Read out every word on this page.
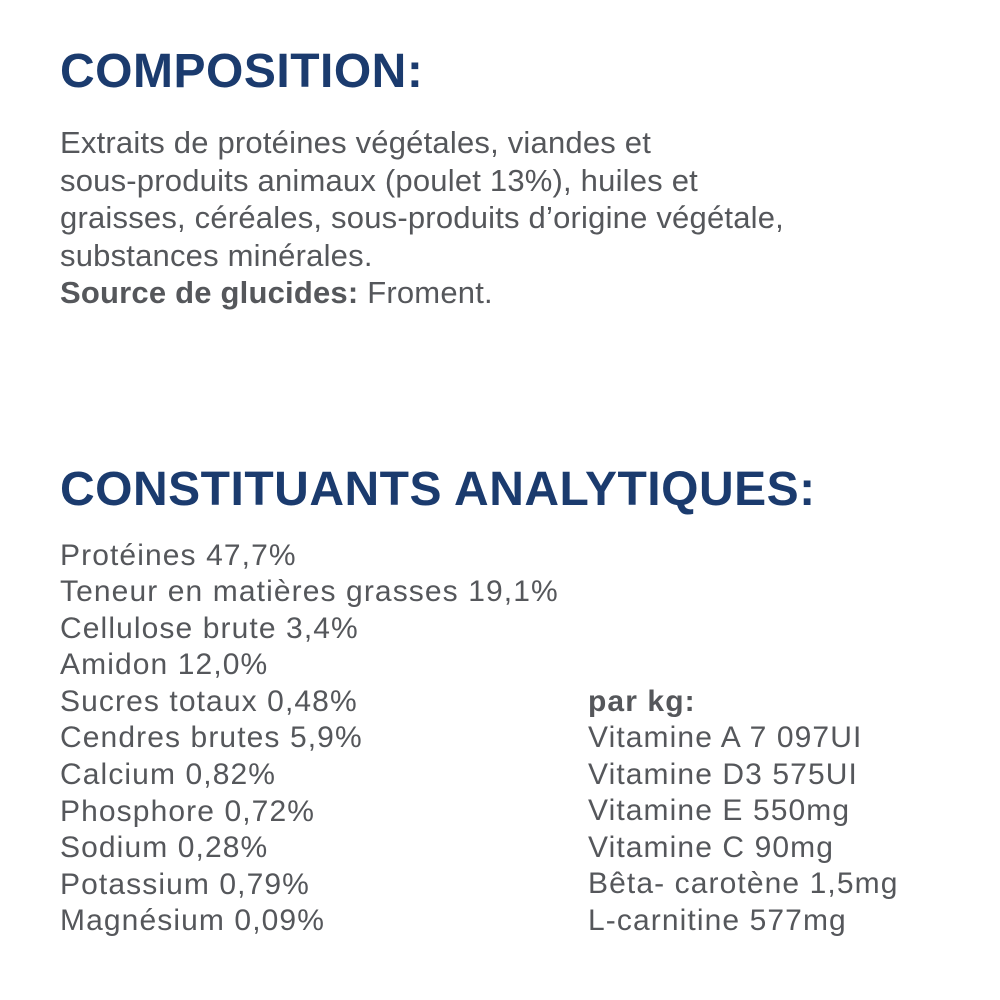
COMPOSITION:
Extraits de protéines végétales, viandes et
sous-produits animaux (poulet 13%), huiles et
graisses, céréales, sous-produits d’origine végétale,
substances minérales.
Source de glucides: Froment.
CONSTITUANTS ANALYTIQUES:
Protéines 47,7%
Teneur en matières grasses 19,1%
Cellulose brute 3,4%
Amidon 12,0%
Sucres totaux 0,48%
Cendres brutes 5,9%
Calcium 0,82%
Phosphore 0,72%
Sodium 0,28%
Potassium 0,79%
Magnésium 0,09%
par kg:
Vitamine A 7 097UI
Vitamine D3 575UI
Vitamine E 550mg
Vitamine C 90mg
Bêta- carotène 1,5mg
L-carnitine 577mg
